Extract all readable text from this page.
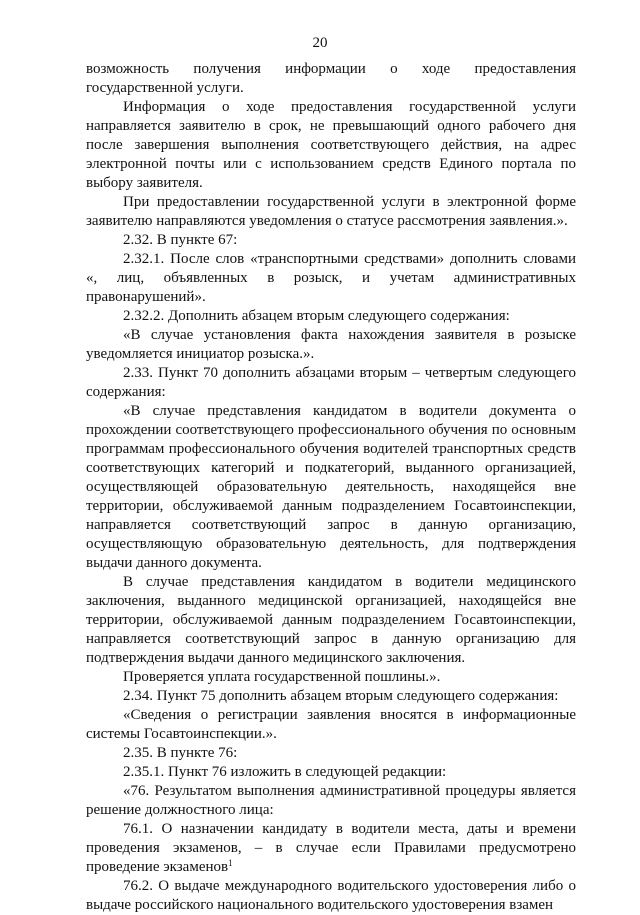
20

возможность получения информации о ходе предоставления государственной услуги.

Информация о ходе предоставления государственной услуги направляется заявителю в срок, не превышающий одного рабочего дня после завершения выполнения соответствующего действия, на адрес электронной почты или с использованием средств Единого портала по выбору заявителя.

При предоставлении государственной услуги в электронной форме заявителю направляются уведомления о статусе рассмотрения заявления.».

2.32. В пункте 67:

2.32.1. После слов «транспортными средствами» дополнить словами «, лиц, объявленных в розыск, и учетам административных правонарушений».

2.32.2. Дополнить абзацем вторым следующего содержания:

«В случае установления факта нахождения заявителя в розыске уведомляется инициатор розыска.».

2.33. Пункт 70 дополнить абзацами вторым – четвертым следующего содержания:

«В случае представления кандидатом в водители документа о прохождении соответствующего профессионального обучения по основным программам профессионального обучения водителей транспортных средств соответствующих категорий и подкатегорий, выданного организацией, осуществляющей образовательную деятельность, находящейся вне территории, обслуживаемой данным подразделением Госавтоинспекции, направляется соответствующий запрос в данную организацию, осуществляющую образовательную деятельность, для подтверждения выдачи данного документа.

В случае представления кандидатом в водители медицинского заключения, выданного медицинской организацией, находящейся вне территории, обслуживаемой данным подразделением Госавтоинспекции, направляется соответствующий запрос в данную организацию для подтверждения выдачи данного медицинского заключения.

Проверяется уплата государственной пошлины.».

2.34. Пункт 75 дополнить абзацем вторым следующего содержания:

«Сведения о регистрации заявления вносятся в информационные системы Госавтоинспекции.».

2.35. В пункте 76:

2.35.1. Пункт 76 изложить в следующей редакции:

«76. Результатом выполнения административной процедуры является решение должностного лица:

76.1. О назначении кандидату в водители места, даты и времени проведения экзаменов, – в случае если Правилами предусмотрено проведение экзаменов$^1$

76.2. О выдаче международного водительского удостоверения либо о выдаче российского национального водительского удостоверения взамен
